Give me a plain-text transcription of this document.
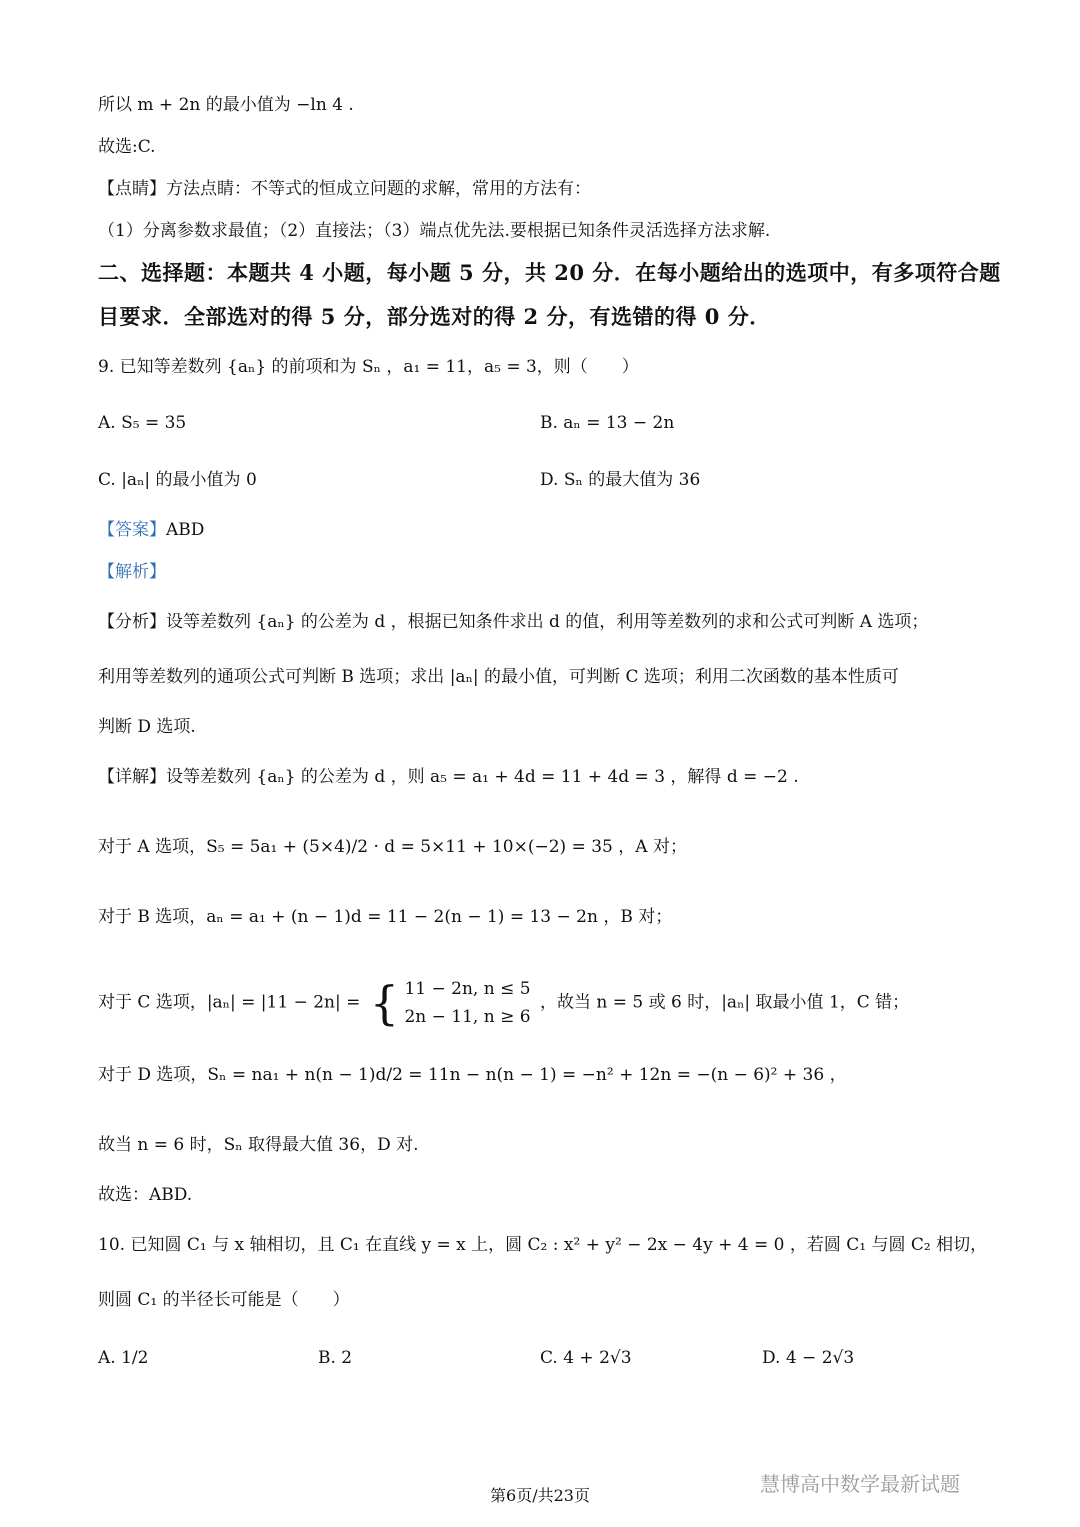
所以 m + 2n 的最小值为 −ln 4 .
故选:C.
【点睛】方法点睛：不等式的恒成立问题的求解，常用的方法有：
（1）分离参数求最值；（2）直接法；（3）端点优先法.要根据已知条件灵活选择方法求解.
二、选择题：本题共 4 小题，每小题 5 分，共 20 分．在每小题给出的选项中，有多项符合题
目要求．全部选对的得 5 分，部分选对的得 2 分，有选错的得 0 分．
9. 已知等差数列 {aₙ} 的前项和为 Sₙ ，a₁ = 11，a₅ = 3，则（　　）
A. S₅ = 35	B. aₙ = 13 − 2n
C. |aₙ| 的最小值为 0	D. Sₙ 的最大值为 36
【答案】ABD
【解析】
【分析】设等差数列 {aₙ} 的公差为 d ，根据已知条件求出 d 的值，利用等差数列的求和公式可判断 A 选项；
利用等差数列的通项公式可判断 B 选项；求出 |aₙ| 的最小值，可判断 C 选项；利用二次函数的基本性质可
判断 D 选项.
【详解】设等差数列 {aₙ} 的公差为 d ，则 a₅ = a₁ + 4d = 11 + 4d = 3 ，解得 d = −2 .
对于 A 选项，S₅ = 5a₁ + (5×4)/2 · d = 5×11 + 10×(−2) = 35 ，A 对；
对于 B 选项，aₙ = a₁ + (n − 1)d = 11 − 2(n − 1) = 13 − 2n ，B 对；
对于 C 选项，|aₙ| = |11 − 2n| = { 11 − 2n, n ≤ 5
2n − 11, n ≥ 6
，故当 n = 5 或 6 时，|aₙ| 取最小值 1，C 错；
对于 D 选项，Sₙ = na₁ + n(n − 1)d/2 = 11n − n(n − 1) = −n² + 12n = −(n − 6)² + 36 ，
故当 n = 6 时，Sₙ 取得最大值 36，D 对.
故选：ABD.
10. 已知圆 C₁ 与 x 轴相切，且 C₁ 在直线 y = x 上，圆 C₂ : x² + y² − 2x − 4y + 4 = 0 ，若圆 C₁ 与圆 C₂ 相切，
则圆 C₁ 的半径长可能是（　　）
A. 1/2	B. 2	C. 4 + 2√3	D. 4 − 2√3
慧博高中数学最新试题
第6页/共23页
